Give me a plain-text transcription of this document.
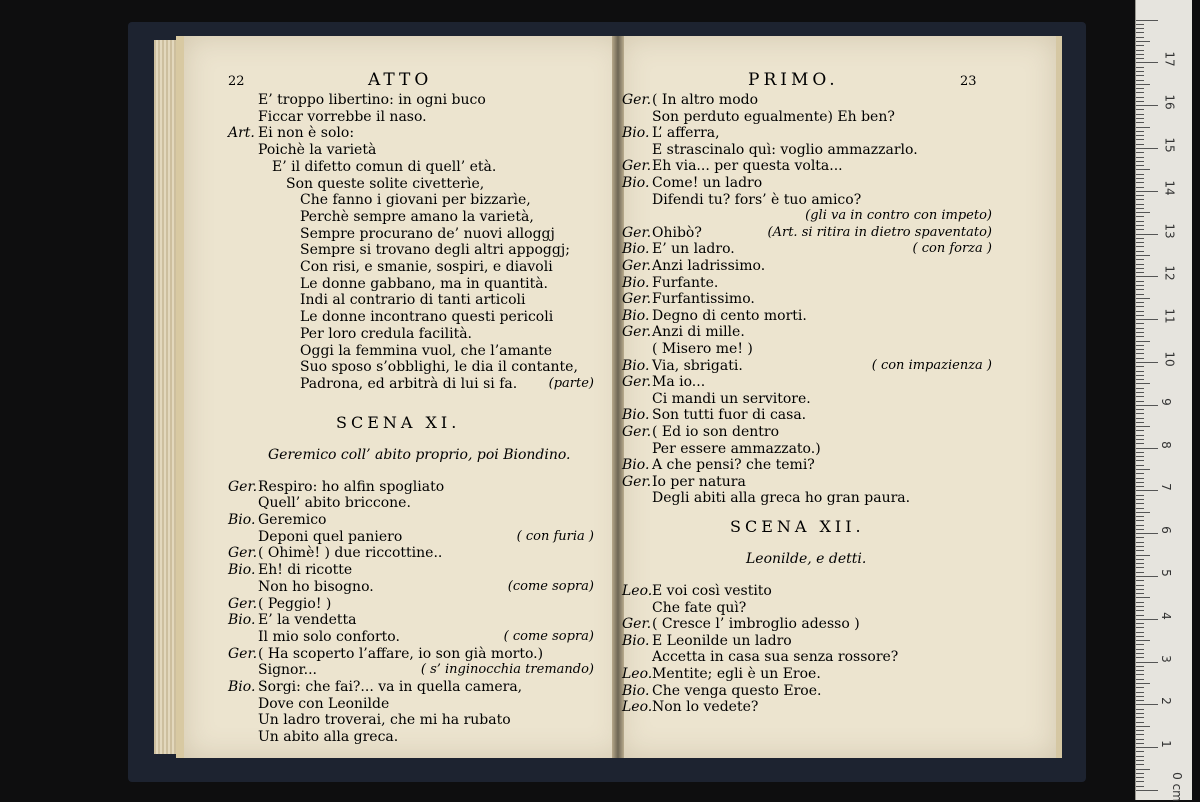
ATTO
22
E’ troppo libertino: in ogni buco
Ficcar vorrebbe il naso.
Art. Ei non è solo:
Poichè la varietà
E’ il difetto comun di quell’ età.
Son queste solite civetterìe,
Che fanno i giovani per bizzarìe,
Perchè sempre amano la varietà,
Sempre procurano de’ nuovi alloggj
Sempre si trovano degli altri appoggj;
Con risi, e smanie, sospiri, e diavoli
Le donne gabbano, ma in quantità.
Indi al contrario di tanti articoli
Le donne incontrano questi pericoli
Per loro credula facilità.
Oggi la femmina vuol, che l’amante
Suo sposo s’obblighi, le dia il contante,
Padrona, ed arbitrà di lui si fa. (parte)
SCENA XI.
Geremico coll’ abito proprio, poi Biondino.
Ger.Respiro: ho alfin spogliato
Quell’ abito briccone.
Bio. Geremico
Deponi quel paniero	( con furia )
Ger.( Ohimè! ) due riccottine..
Bio. Eh! di ricotte
Non ho bisogno.	(come sopra)
Ger.( Peggio! )
Bio. E’ la vendetta
Il mio solo conforto.	( come sopra)
Ger.( Ha scoperto l’affare, io son già morto.)
Signor...	( s’ inginocchia tremando)
Bio. Sorgi: che fai?... va in quella camera,
Dove con Leonilde
Un ladro troverai, che mi ha rubato
Un abito alla greca.
PRIMO.	23
Ger.( In altro modo
Son perduto egualmente) Eh ben?
Bio. L’ afferra,
E strascinalo quì: voglio ammazzarlo.
Ger.Eh via... per questa volta...
Bio. Come! un ladro
Difendi tu? fors’ è tuo amico?
(gli va in contro con impeto)
Ger.Ohibò?	(Art. si ritira in dietro spaventato)
Bio. E’ un ladro.	( con forza )
Ger.Anzi ladrissimo.
Bio. Furfante.
Ger.Furfantissimo.
Bio. Degno di cento morti.
Ger.Anzi di mille.
( Misero me! )
Bio. Via, sbrigati.	( con impazienza )
Ger.Ma io...
Ci mandi un servitore.
Bio. Son tutti fuor di casa.
Ger.( Ed io son dentro
Per essere ammazzato.)
Bio. A che pensi? che temi?
Ger.Io per natura
Degli abiti alla greca ho gran paura.
SCENA XII.
Leonilde, e detti.
Leo.E voi così vestito
Che fate quì?
Ger.( Cresce l’ imbroglio adesso )
Bio. E Leonilde un ladro
Accetta in casa sua senza rossore?
Leo.Mentite; egli è un Eroe.
Bio. Che venga questo Eroe.
Leo.Non lo vedete?
17
16
15
14
13
12
11
10
9
8
7
6
5
4
3
2
1
0 cm
